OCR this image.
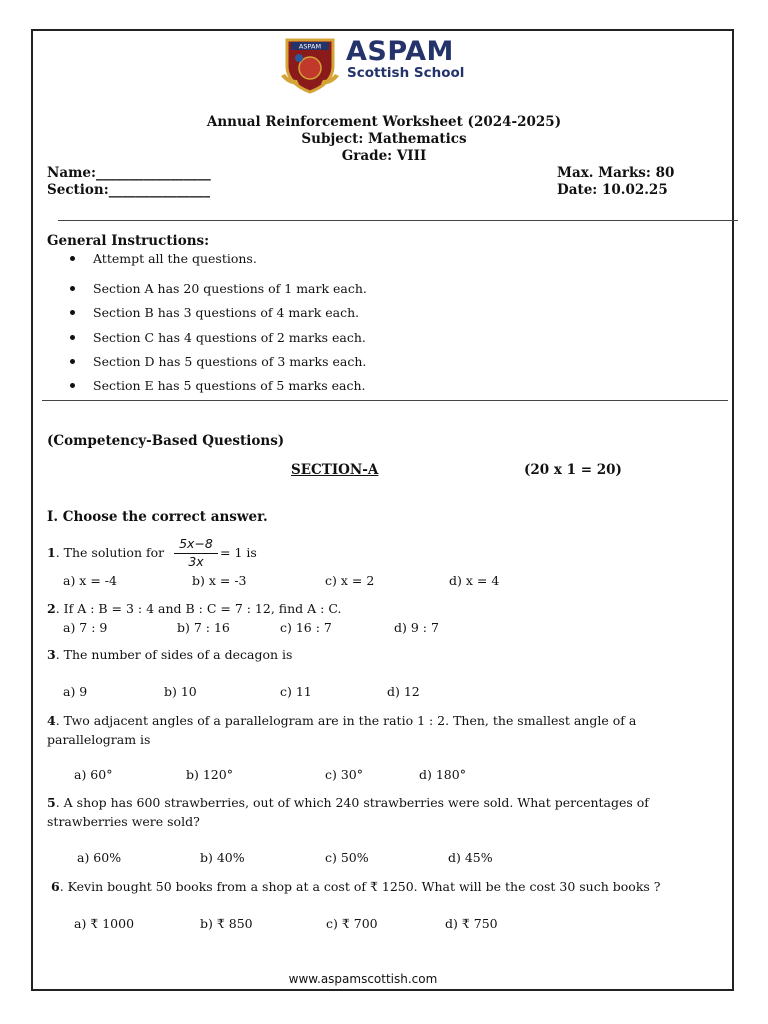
ASPAM ASPAM
Scottish School
Annual Reinforcement Worksheet (2024-2025)
Subject: Mathematics
Grade: VIII
Name:_________________
Section:_______________
Max. Marks: 80
Date: 10.02.25
General Instructions:
Attempt all the questions.
Section A has 20 questions of 1 mark each.
Section B has 3 questions of 4 mark each.
Section C has 4 questions of 2 marks each.
Section D has 5 questions of 3 marks each.
Section E has 5 questions of 5 marks each.
(Competency-Based Questions)
SECTION-A	(20 x 1 = 20)
I. Choose the correct answer.
1. The solution for
5x−8
3x
= 1 is
a) x = -4	b) x = -3	c) x = 2	d) x = 4
2. If A : B = 3 : 4 and B : C = 7 : 12, find A : C.
a) 7 : 9	b) 7 : 16	c) 16 : 7	d) 9 : 7
3. The number of sides of a decagon is
a) 9	b) 10	c) 11	d) 12
4. Two adjacent angles of a parallelogram are in the ratio 1 : 2. Then, the smallest angle of a
parallelogram is
a) 60°	b) 120°	c) 30°	d) 180°
5. A shop has 600 strawberries, out of which 240 strawberries were sold. What percentages of
strawberries were sold?
a) 60%	b) 40%	c) 50%	d) 45%
6. Kevin bought 50 books from a shop at a cost of ₹ 1250. What will be the cost 30 such books ?
a) ₹ 1000	b) ₹ 850	c) ₹ 700	d) ₹ 750
www.aspamscottish.com
